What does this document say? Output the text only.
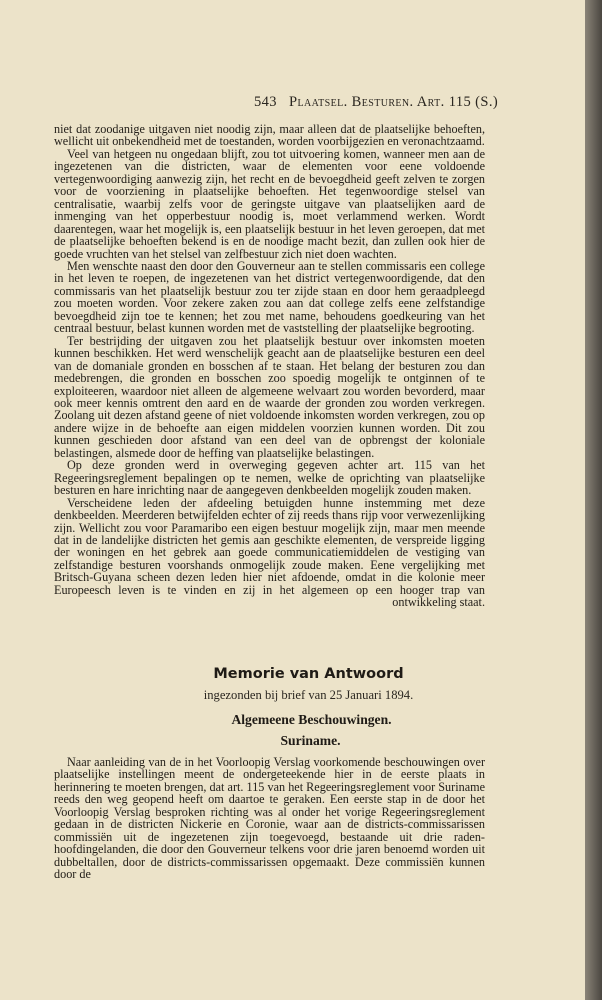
543 Plaatsel. Besturen. Art. 115 (S.)

niet dat zoodanige uitgaven niet noodig zijn, maar alleen dat de plaatselijke behoeften, wellicht uit onbekendheid met de toestanden, worden voorbijgezien en veronachtzaamd.

Veel van hetgeen nu ongedaan blijft, zou tot uitvoering komen, wanneer men aan de ingezetenen van die districten, waar de elementen voor eene voldoende vertegenwoordiging aanwezig zijn, het recht en de bevoegdheid geeft zelven te zorgen voor de voorziening in plaatselijke behoeften. Het tegenwoordige stelsel van centralisatie, waarbij zelfs voor de geringste uitgave van plaatselijken aard de inmenging van het opperbestuur noodig is, moet verlammend werken. Wordt daarentegen, waar het mogelijk is, een plaatselijk bestuur in het leven geroepen, dat met de plaatselijke behoeften bekend is en de noodige macht bezit, dan zullen ook hier de goede vruchten van het stelsel van zelfbestuur zich niet doen wachten.

Men wenschte naast den door den Gouverneur aan te stellen commissaris een college in het leven te roepen, de ingezetenen van het district vertegenwoordigende, dat den commissaris van het plaatselijk bestuur zou ter zijde staan en door hem geraadpleegd zou moeten worden. Voor zekere zaken zou aan dat college zelfs eene zelfstandige bevoegdheid zijn toe te kennen; het zou met name, behoudens goedkeuring van het centraal bestuur, belast kunnen worden met de vaststelling der plaatselijke begrooting.

Ter bestrijding der uitgaven zou het plaatselijk bestuur over inkomsten moeten kunnen beschikken. Het werd wenschelijk geacht aan de plaatselijke besturen een deel van de domaniale gronden en bosschen af te staan. Het belang der besturen zou dan medebrengen, die gronden en bosschen zoo spoedig mogelijk te ontginnen of te exploiteeren, waardoor niet alleen de algemeene welvaart zou worden bevorderd, maar ook meer kennis omtrent den aard en de waarde der gronden zou worden verkregen. Zoolang uit dezen afstand geene of niet voldoende inkomsten worden verkregen, zou op andere wijze in de behoefte aan eigen middelen voorzien kunnen worden. Dit zou kunnen geschieden door afstand van een deel van de opbrengst der koloniale belastingen, alsmede door de heffing van plaatselijke belastingen.

Op deze gronden werd in overweging gegeven achter art. 115 van het Regeeringsreglement bepalingen op te nemen, welke de oprichting van plaatselijke besturen en hare inrichting naar de aangegeven denkbeelden mogelijk zouden maken.

Verscheidene leden der afdeeling betuigden hunne instemming met deze denkbeelden. Meerderen betwijfelden echter of zij reeds thans rijp voor verwezenlijking zijn. Wellicht zou voor Paramaribo een eigen bestuur mogelijk zijn, maar men meende dat in de landelijke districten het gemis aan geschikte elementen, de verspreide ligging der woningen en het gebrek aan goede communicatiemiddelen de vestiging van zelfstandige besturen voorshands onmogelijk zoude maken. Eene vergelijking met Britsch-Guyana scheen dezen leden hier niet afdoende, omdat in die kolonie meer Europeesch leven is te vinden en zij in het algemeen op een hooger trap van ontwikkeling staat.

Memorie van Antwoord
ingezonden bij brief van 25 Januari 1894.
Algemeene Beschouwingen.
Suriname.

Naar aanleiding van de in het Voorloopig Verslag voorkomende beschouwingen over plaatselijke instellingen meent de ondergeteekende hier in de eerste plaats in herinnering te moeten brengen, dat art. 115 van het Regeeringsreglement voor Suriname reeds den weg geopend heeft om daartoe te geraken. Een eerste stap in de door het Voorloopig Verslag besproken richting was al onder het vorige Regeeringsreglement gedaan in de districten Nickerie en Coronie, waar aan de districts-commissarissen commissiën uit de ingezetenen zijn toegevoegd, bestaande uit drie raden-hoofdingelanden, die door den Gouverneur telkens voor drie jaren benoemd worden uit dubbeltallen, door de districts-commissarissen opgemaakt. Deze commissiën kunnen door de
